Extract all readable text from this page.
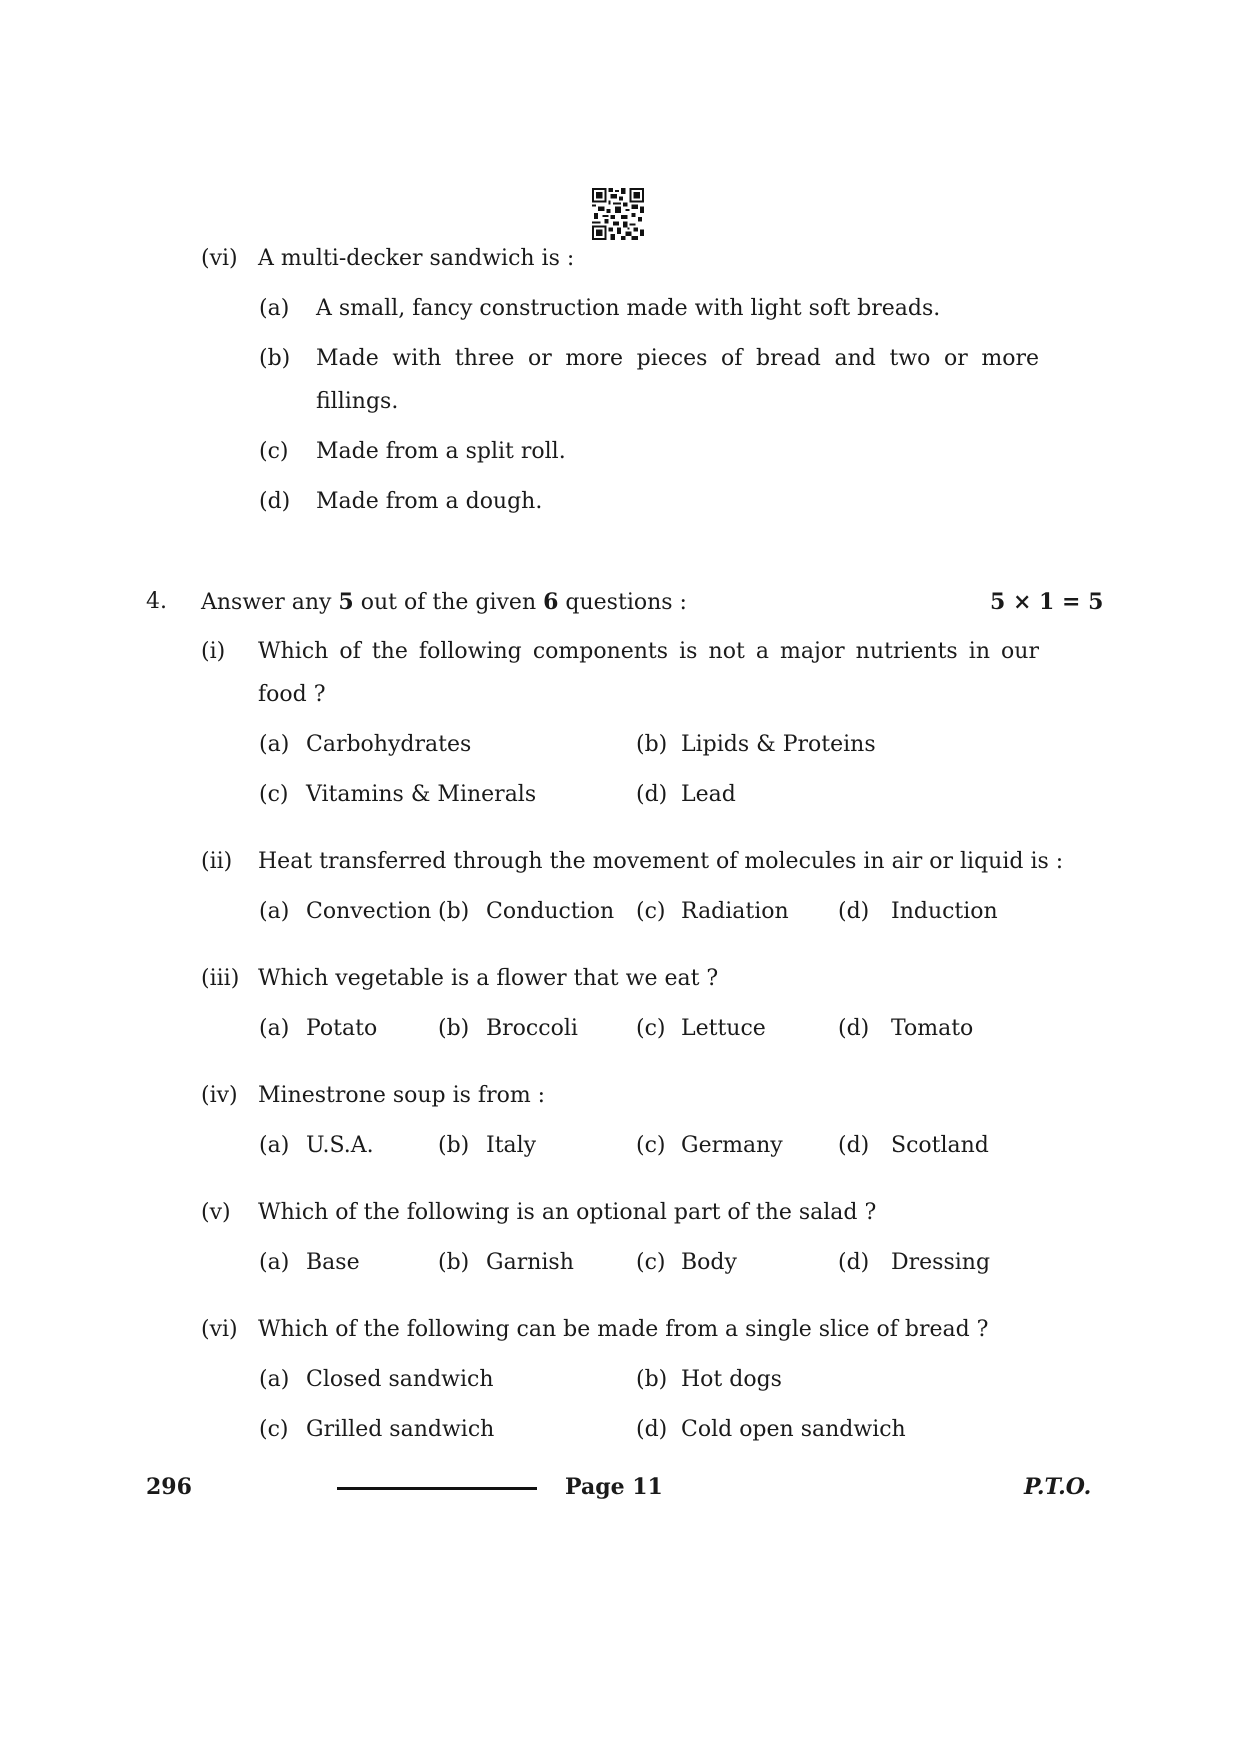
(vi) A multi-decker sandwich is :
(a) A small, fancy construction made with light soft breads.
(b) Made with three or more pieces of bread and two or more
fillings.
(c) Made from a split roll.
(d) Made from a dough.
4. Answer any 5 out of the given 6 questions :	5 × 1 = 5
(i) Which of the following components is not a major nutrients in our
food ?
(a) Carbohydrates	(b) Lipids & Proteins
(c) Vitamins & Minerals	(d) Lead
(ii) Heat transferred through the movement of molecules in air or liquid is :
(a) Convection (b) Conduction (c) Radiation (d) Induction
(iii) Which vegetable is a flower that we eat ?
(a) Potato	(b) Broccoli	(c) Lettuce	(d) Tomato
(iv) Minestrone soup is from :
(a) U.S.A.	(b) Italy	(c) Germany	(d) Scotland
(v) Which of the following is an optional part of the salad ?
(a) Base	(b) Garnish	(c) Body	(d) Dressing
(vi) Which of the following can be made from a single slice of bread ?
(a) Closed sandwich	(b) Hot dogs
(c) Grilled sandwich	(d) Cold open sandwich
296	Page 11	P.T.O.
